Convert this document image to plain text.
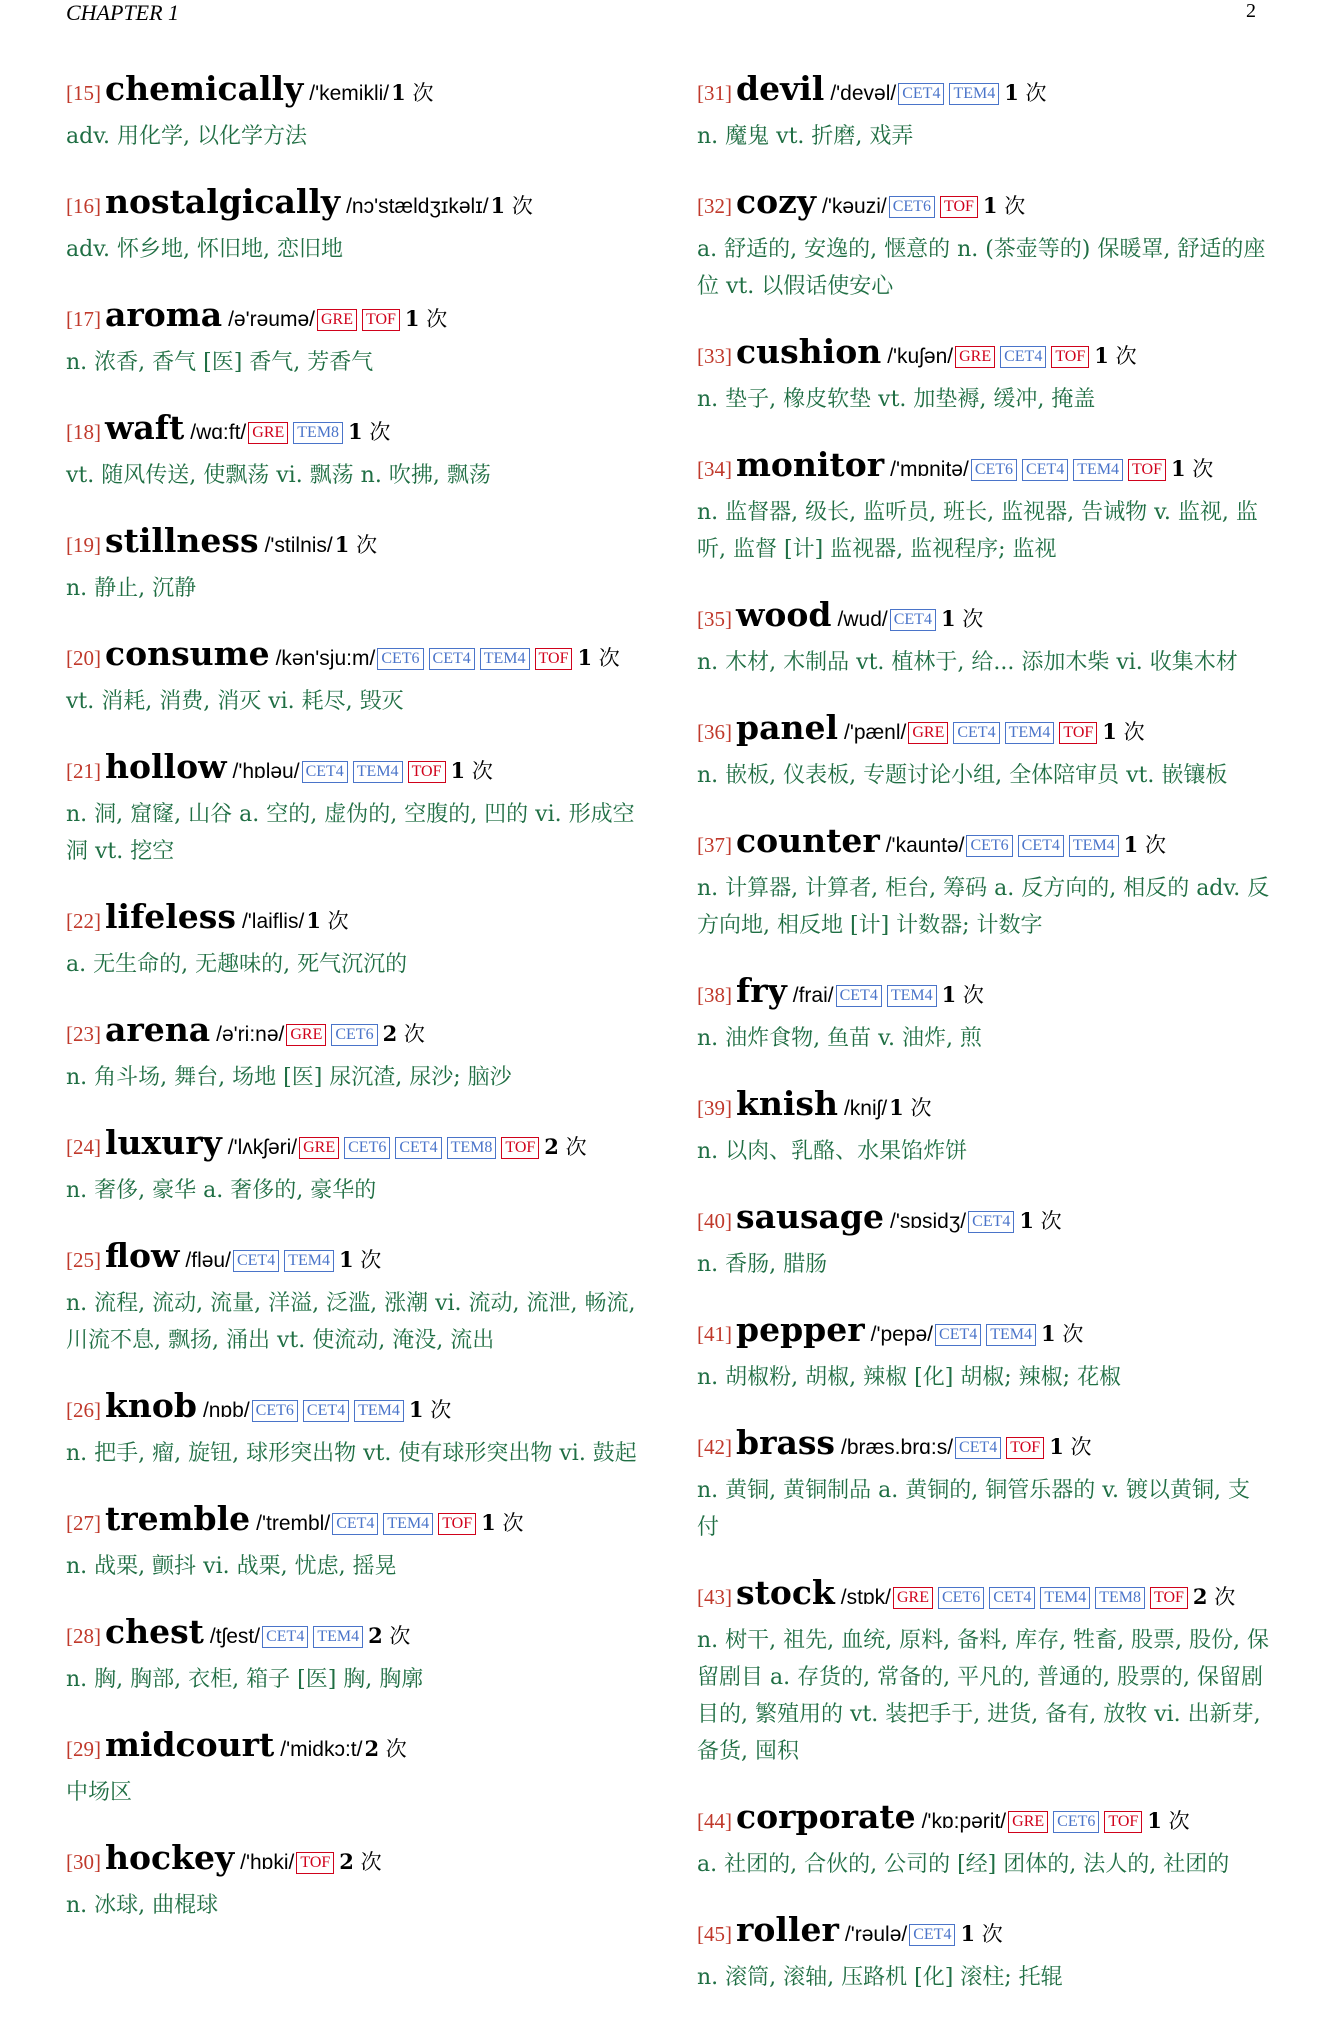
CHAPTER 1	2
[15] chemically /'kemikli/1 次
adv. 用化学, 以化学方法
[16] nostalgically /nɔ'stældʒɪkəlɪ/1 次
adv. 怀乡地, 怀旧地, 恋旧地
[17] aroma /ə'rəumə/ GRE TOF 1 次
n. 浓香, 香气 [医] 香气, 芳香气
[18] waft /wɑ:ft/ GRE TEM8 1 次
vt. 随风传送, 使飘荡 vi. 飘荡 n. 吹拂, 飘荡
[19] stillness /'stilnis/1 次
n. 静止, 沉静
[20] consume /kən'sju:m/ CET6 CET4 TEM4 TOF 1 次
vt. 消耗, 消费, 消灭 vi. 耗尽, 毁灭
[21] hollow /'hɒləu/ CET4 TEM4 TOF 1 次
n. 洞, 窟窿, 山谷 a. 空的, 虚伪的, 空腹的, 凹的 vi. 形成空洞 vt. 挖空
[22] lifeless /'laiflis/1 次
a. 无生命的, 无趣味的, 死气沉沉的
[23] arena /ə'ri:nə/ GRE CET6 2 次
n. 角斗场, 舞台, 场地 [医] 尿沉渣, 尿沙; 脑沙
[24] luxury /'lʌkʃəri/ GRE CET6 CET4 TEM8 TOF 2 次
n. 奢侈, 豪华 a. 奢侈的, 豪华的
[25] flow /fləu/ CET4 TEM4 1 次
n. 流程, 流动, 流量, 洋溢, 泛滥, 涨潮 vi. 流动, 流泄, 畅流, 川流不息, 飘扬, 涌出 vt. 使流动, 淹没, 流出
[26] knob /nɒb/ CET6 CET4 TEM4 1 次
n. 把手, 瘤, 旋钮, 球形突出物 vt. 使有球形突出物 vi. 鼓起
[27] tremble /'trembl/ CET4 TEM4 TOF 1 次
n. 战栗, 颤抖 vi. 战栗, 忧虑, 摇晃
[28] chest /tʃest/ CET4 TEM4 2 次
n. 胸, 胸部, 衣柜, 箱子 [医] 胸, 胸廓
[29] midcourt /'midkɔ:t/2 次
中场区
[30] hockey /'hɒki/ TOF 2 次
n. 冰球, 曲棍球
[31] devil /'devəl/ CET4 TEM4 1 次
n. 魔鬼 vt. 折磨, 戏弄
[32] cozy /'kəuzi/ CET6 TOF 1 次
a. 舒适的, 安逸的, 惬意的 n. (茶壶等的) 保暖罩, 舒适的座位 vt. 以假话使安心
[33] cushion /'kuʃən/ GRE CET4 TOF 1 次
n. 垫子, 橡皮软垫 vt. 加垫褥, 缓冲, 掩盖
[34] monitor /'mɒnitə/ CET6 CET4 TEM4 TOF 1 次
n. 监督器, 级长, 监听员, 班长, 监视器, 告诫物 v. 监视, 监听, 监督 [计] 监视器, 监视程序; 监视
[35] wood /wud/ CET4 1 次
n. 木材, 木制品 vt. 植林于, 给... 添加木柴 vi. 收集木材
[36] panel /'pænl/ GRE CET4 TEM4 TOF 1 次
n. 嵌板, 仪表板, 专题讨论小组, 全体陪审员 vt. 嵌镶板
[37] counter /'kauntə/ CET6 CET4 TEM4 1 次
n. 计算器, 计算者, 柜台, 筹码 a. 反方向的, 相反的 adv. 反方向地, 相反地 [计] 计数器; 计数字
[38] fry /frai/ CET4 TEM4 1 次
n. 油炸食物, 鱼苗 v. 油炸, 煎
[39] knish /kniʃ/1 次
n. 以肉、乳酪、水果馅炸饼
[40] sausage /'sɒsidʒ/ CET4 1 次
n. 香肠, 腊肠
[41] pepper /'pepə/ CET4 TEM4 1 次
n. 胡椒粉, 胡椒, 辣椒 [化] 胡椒; 辣椒; 花椒
[42] brass /bræs.brɑ:s/ CET4 TOF 1 次
n. 黄铜, 黄铜制品 a. 黄铜的, 铜管乐器的 v. 镀以黄铜, 支付
[43] stock /stɒk/ GRE CET6 CET4 TEM4 TEM8 TOF 2 次
n. 树干, 祖先, 血统, 原料, 备料, 库存, 牲畜, 股票, 股份, 保留剧目 a. 存货的, 常备的, 平凡的, 普通的, 股票的, 保留剧目的, 繁殖用的 vt. 装把手于, 进货, 备有, 放牧 vi. 出新芽, 备货, 囤积
[44] corporate /'kɒ:pərit/ GRE CET6 TOF 1 次
a. 社团的, 合伙的, 公司的 [经] 团体的, 法人的, 社团的
[45] roller /'rəulə/ CET4 1 次
n. 滚筒, 滚轴, 压路机 [化] 滚柱; 托辊
